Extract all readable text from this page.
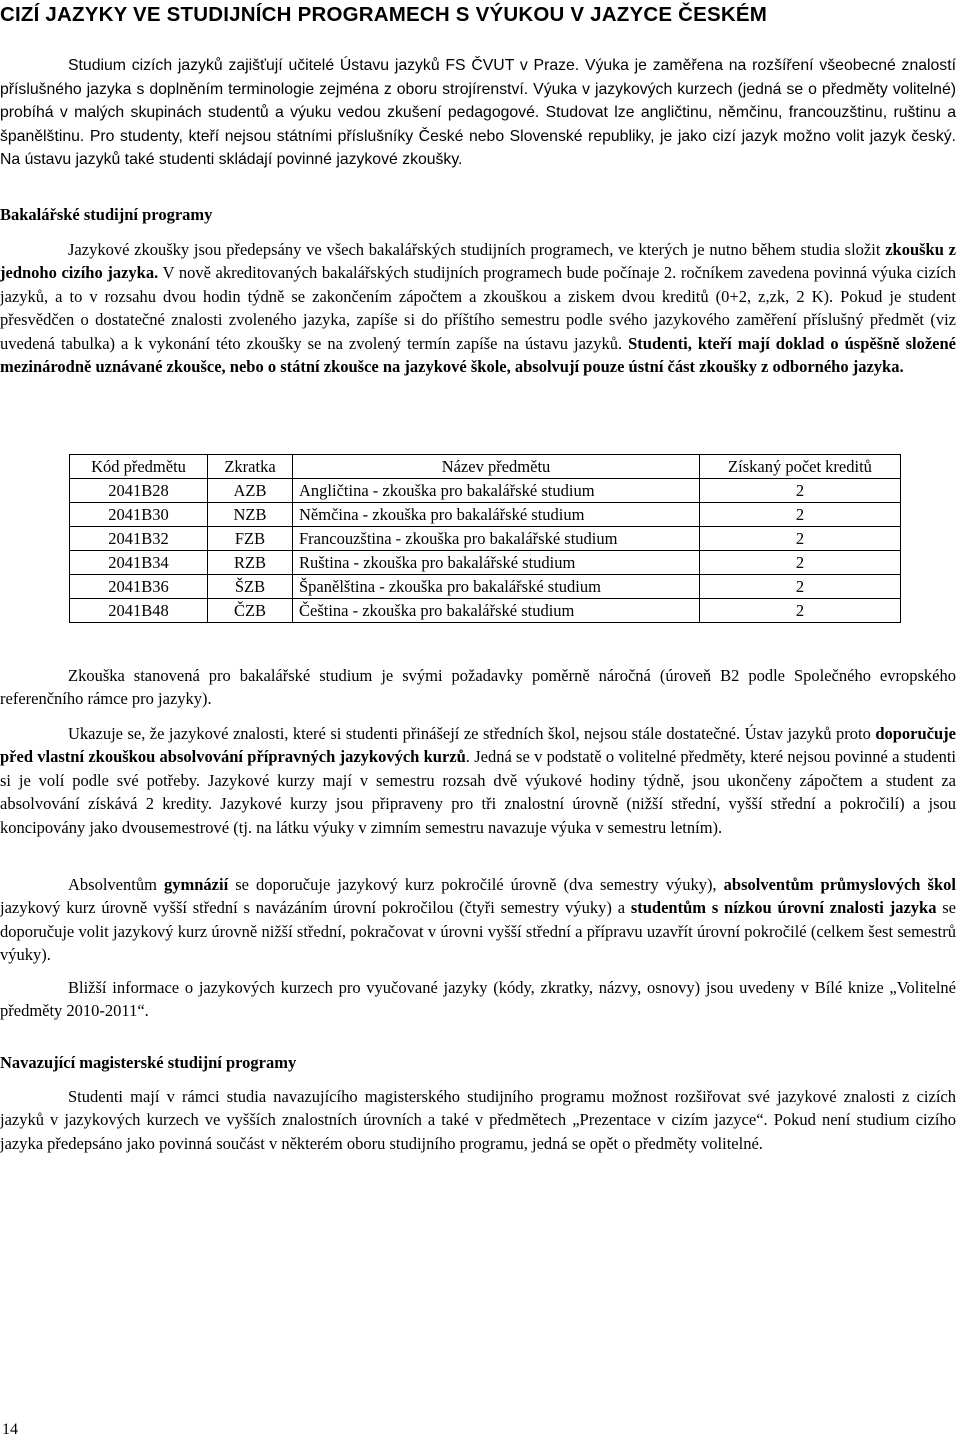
CIZÍ JAZYKY VE STUDIJNÍCH PROGRAMECH S VÝUKOU V JAZYCE ČESKÉM

Studium cizích jazyků zajišťují učitelé Ústavu jazyků FS ČVUT v Praze. Výuka je zaměřena na rozšíření všeobecné znalostí příslušného jazyka s doplněním terminologie zejména z oboru strojírenství. Výuka v jazykových kurzech (jedná se o předměty volitelné) probíhá v malých skupinách studentů a výuku vedou zkušení pedagogové. Studovat lze angličtinu, němčinu, francouzštinu, ruštinu a španělštinu. Pro studenty, kteří nejsou státními příslušníky České nebo Slovenské republiky, je jako cizí jazyk možno volit jazyk český. Na ústavu jazyků také studenti skládají povinné jazykové zkoušky.

Bakalářské studijní programy

Jazykové zkoušky jsou předepsány ve všech bakalářských studijních programech, ve kterých je nutno během studia složit zkoušku z jednoho cizího jazyka. V nově akreditovaných bakalářských studijních programech bude počínaje 2. ročníkem zavedena povinná výuka cizích jazyků, a to v rozsahu dvou hodin týdně se zakončením zápočtem a zkouškou a ziskem dvou kreditů (0+2, z,zk, 2 K). Pokud je student přesvědčen o dostatečné znalosti zvoleného jazyka, zapíše si do příštího semestru podle svého jazykového zaměření příslušný předmět (viz uvedená tabulka) a k vykonání této zkoušky se na zvolený termín zapíše na ústavu jazyků. Studenti, kteří mají doklad o úspěšně složené mezinárodně uznávané zkoušce, nebo o státní zkoušce na jazykové škole, absolvují pouze ústní část zkoušky z odborného jazyka.

Kód předmětu	Zkratka	Název předmětu	Získaný počet kreditů
2041B28	AZB	Angličtina - zkouška pro bakalářské studium	2
2041B30	NZB	Němčina - zkouška pro bakalářské studium	2
2041B32	FZB	Francouzština - zkouška pro bakalářské studium	2
2041B34	RZB	Ruština - zkouška pro bakalářské studium	2
2041B36	ŠZB	Španělština - zkouška pro bakalářské studium	2
2041B48	ČZB	Čeština - zkouška pro bakalářské studium	2

Zkouška stanovená pro bakalářské studium je svými požadavky poměrně náročná (úroveň B2 podle Společného evropského referenčního rámce pro jazyky).

Ukazuje se, že jazykové znalosti, které si studenti přinášejí ze středních škol, nejsou stále dostatečné. Ústav jazyků proto doporučuje před vlastní zkouškou absolvování přípravných jazykových kurzů. Jedná se v podstatě o volitelné předměty, které nejsou povinné a studenti si je volí podle své potřeby. Jazykové kurzy mají v semestru rozsah dvě výukové hodiny týdně, jsou ukončeny zápočtem a student za absolvování získává 2 kredity. Jazykové kurzy jsou připraveny pro tři znalostní úrovně (nižší střední, vyšší střední a pokročilí) a jsou koncipovány jako dvousemestrové (tj. na látku výuky v zimním semestru navazuje výuka v semestru letním).

Absolventům gymnázií se doporučuje jazykový kurz pokročilé úrovně (dva semestry výuky), absolventům průmyslových škol jazykový kurz úrovně vyšší střední s navázáním úrovní pokročilou (čtyři semestry výuky) a studentům s nízkou úrovní znalosti jazyka se doporučuje volit jazykový kurz úrovně nižší střední, pokračovat v úrovni vyšší střední a přípravu uzavřít úrovní pokročilé (celkem šest semestrů výuky).

Bližší informace o jazykových kurzech pro vyučované jazyky (kódy, zkratky, názvy, osnovy) jsou uvedeny v Bílé knize „Volitelné předměty 2010-2011“.

Navazující magisterské studijní programy

Studenti mají v rámci studia navazujícího magisterského studijního programu možnost rozšiřovat své jazykové znalosti z cizích jazyků v jazykových kurzech ve vyšších znalostních úrovních a také v předmětech „Prezentace v cizím jazyce“. Pokud není studium cizího jazyka předepsáno jako povinná součást v některém oboru studijního programu, jedná se opět o předměty volitelné.

14
